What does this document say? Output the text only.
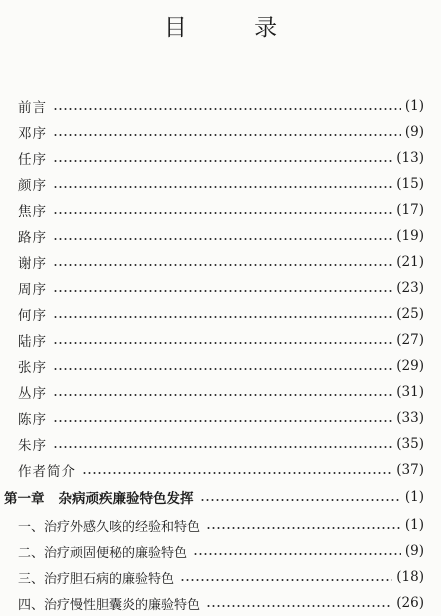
目 录
前言	(1)
邓序	(9)
任序	(13)
颜序	(15)
焦序	(17)
路序	(19)
谢序	(21)
周序	(23)
何序	(25)
陆序	(27)
张序	(29)
丛序	(31)
陈序	(33)
朱序	(35)
作者简介	(37)
第一章 杂病顽疾廉验特色发挥	(1)
一、治疗外感久咳的经验和特色	(1)
二、治疗顽固便秘的廉验特色	(9)
三、治疗胆石病的廉验特色	(18)
四、治疗慢性胆囊炎的廉验特色	(26)
